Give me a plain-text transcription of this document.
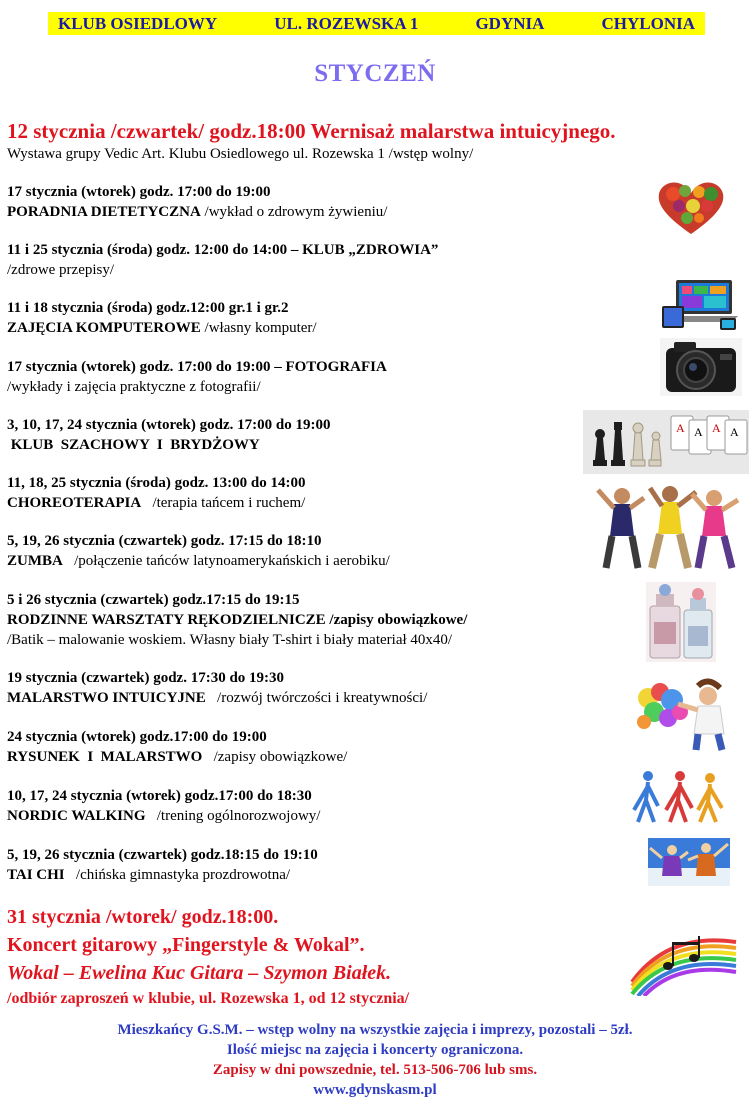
KLUB OSIEDLOWY	UL. ROZEWSKA 1	GDYNIA	CHYLONIA
STYCZEŃ
12 stycznia /czwartek/ godz.18:00 Wernisaż malarstwa intuicyjnego.
Wystawa grupy Vedic Art. Klubu Osiedlowego ul. Rozewska 1 /wstęp wolny/
17 stycznia (wtorek) godz. 17:00 do 19:00
PORADNIA DIETETYCZNA /wykład o zdrowym żywieniu/
11 i 25 stycznia (środa) godz. 12:00 do 14:00 – KLUB „ZDROWIA”
/zdrowe przepisy/
11 i 18 stycznia (środa) godz.12:00 gr.1 i gr.2
ZAJĘCIA KOMPUTEROWE /własny komputer/
17 stycznia (wtorek) godz. 17:00 do 19:00 – FOTOGRAFIA
/wykłady i zajęcia praktyczne z fotografii/
3, 10, 17, 24 stycznia (wtorek) godz. 17:00 do 19:00
KLUB  SZACHOWY  I  BRYDŻOWY
11, 18, 25 stycznia (środa) godz. 13:00 do 14:00
CHOREOTERAPIA   /terapia tańcem i ruchem/
5, 19, 26 stycznia (czwartek) godz. 17:15 do 18:10
ZUMBA   /połączenie tańców latynoamerykańskich i aerobiku/
5 i 26 stycznia (czwartek) godz.17:15 do 19:15
RODZINNE WARSZTATY RĘKODZIELNICZE /zapisy obowiązkowe/
/Batik – malowanie woskiem. Własny biały T-shirt i biały materiał 40x40/
19 stycznia (czwartek) godz. 17:30 do 19:30
MALARSTWO INTUICYJNE   /rozwój twórczości i kreatywności/
24 stycznia (wtorek) godz.17:00 do 19:00
RYSUNEK  I  MALARSTWO   /zapisy obowiązkowe/
10, 17, 24 stycznia (wtorek) godz.17:00 do 18:30
NORDIC WALKING   /trening ogólnorozwojowy/
5, 19, 26 stycznia (czwartek) godz.18:15 do 19:10
TAI CHI   /chińska gimnastyka prozdrowotna/
31 stycznia /wtorek/ godz.18:00.
Koncert gitarowy „Fingerstyle & Wokal”.
Wokal – Ewelina Kuc Gitara – Szymon Białek.
/odbiór zaproszeń w klubie, ul. Rozewska 1, od 12 stycznia/
Mieszkańcy G.S.M. – wstęp wolny na wszystkie zajęcia i imprezy, pozostali – 5zł.
Ilość miejsc na zajęcia i koncerty ograniczona.
Zapisy w dni powszednie, tel. 513-506-706 lub sms.
www.gdynskasm.pl
A A A A
